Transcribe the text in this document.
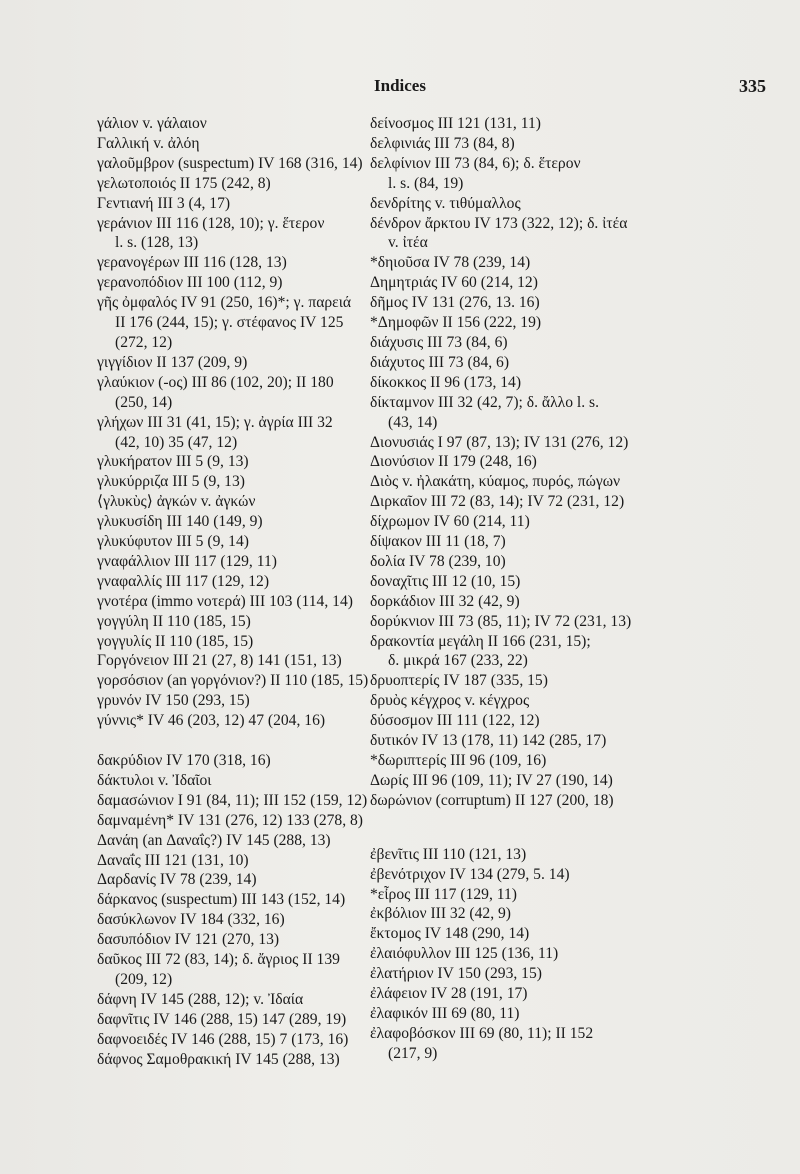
Indices	335
γάλιον v. γάλαιον
Γαλλική v. ἀλόη
γαλοῦμβρον (suspectum) IV 168 (316, 14)
γελωτοποιός II 175 (242, 8)
Γεντιανή III 3 (4, 17)
γεράνιον III 116 (128, 10); γ. ἕτερον
l. s. (128, 13)
γερανογέρων III 116 (128, 13)
γερανοπόδιον III 100 (112, 9)
γῆς ὀμφαλός IV 91 (250, 16)*; γ. παρειά
II 176 (244, 15); γ. στέφανος IV 125
(272, 12)
γιγγίδιον II 137 (209, 9)
γλαύκιον (-ος) III 86 (102, 20); II 180
(250, 14)
γλήχων III 31 (41, 15); γ. ἀγρία III 32
(42, 10) 35 (47, 12)
γλυκήρατον III 5 (9, 13)
γλυκύρριζα III 5 (9, 13)
⟨γλυκὺς⟩ ἀγκών v. ἀγκών
γλυκυσίδη III 140 (149, 9)
γλυκύφυτον III 5 (9, 14)
γναφάλλιον III 117 (129, 11)
γναφαλλίς III 117 (129, 12)
γνοτέρα (immo νοτερά) III 103 (114, 14)
γογγύλη II 110 (185, 15)
γογγυλίς II 110 (185, 15)
Γοργόνειον III 21 (27, 8) 141 (151, 13)
γορσόσιον (an γοργόνιον?) II 110 (185, 15)
γρυνόν IV 150 (293, 15)
γύννις* IV 46 (203, 12) 47 (204, 16)
δακρύδιον IV 170 (318, 16)
δάκτυλοι v. Ἰδαῖοι
δαμασώνιον I 91 (84, 11); III 152 (159, 12)
δαμναμένη* IV 131 (276, 12) 133 (278, 8)
Δανάη (an Δαναΐς?) IV 145 (288, 13)
Δαναΐς III 121 (131, 10)
Δαρδανίς IV 78 (239, 14)
δάρκανος (suspectum) III 143 (152, 14)
δασύκλωνον IV 184 (332, 16)
δασυπόδιον IV 121 (270, 13)
δαῦκος III 72 (83, 14); δ. ἄγριος II 139
(209, 12)
δάφνη IV 145 (288, 12); v. Ἰδαία
δαφνῖτις IV 146 (288, 15) 147 (289, 19)
δαφνοειδές IV 146 (288, 15) 7 (173, 16)
δάφνος Σαμοθρακική IV 145 (288, 13)
δείνοσμος III 121 (131, 11)
δελφινιάς III 73 (84, 8)
δελφίνιον III 73 (84, 6); δ. ἕτερον
l. s. (84, 19)
δενδρίτης v. τιθύμαλλος
δένδρον ἄρκτου IV 173 (322, 12); δ. ἰτέα
v. ἰτέα
*δηιοῦσα IV 78 (239, 14)
Δημητριάς IV 60 (214, 12)
δῆμος IV 131 (276, 13. 16)
*Δημοφῶν II 156 (222, 19)
διάχυσις III 73 (84, 6)
διάχυτος III 73 (84, 6)
δίκοκκος II 96 (173, 14)
δίκταμνον III 32 (42, 7); δ. ἄλλο l. s.
(43, 14)
Διονυσιάς I 97 (87, 13); IV 131 (276, 12)
Διονύσιον II 179 (248, 16)
Διὸς v. ἠλακάτη, κύαμος, πυρός, πώγων
Διρκαῖον III 72 (83, 14); IV 72 (231, 12)
δίχρωμον IV 60 (214, 11)
δίψακον III 11 (18, 7)
δολία IV 78 (239, 10)
δοναχῖτις III 12 (10, 15)
δορκάδιον III 32 (42, 9)
δορύκνιον III 73 (85, 11); IV 72 (231, 13)
δρακοντία μεγάλη II 166 (231, 15);
δ. μικρά 167 (233, 22)
δρυοπτερίς IV 187 (335, 15)
δρυὸς κέγχρος v. κέγχρος
δύσοσμον III 111 (122, 12)
δυτικόν IV 13 (178, 11) 142 (285, 17)
*δωριπτερίς III 96 (109, 16)
Δωρίς III 96 (109, 11); IV 27 (190, 14)
δωρώνιον (corruptum) II 127 (200, 18)
ἐβενῖτις III 110 (121, 13)
ἐβενότριχον IV 134 (279, 5. 14)
*εἶρος III 117 (129, 11)
ἐκβόλιον III 32 (42, 9)
ἔκτομος IV 148 (290, 14)
ἐλαιόφυλλον III 125 (136, 11)
ἐλατήριον IV 150 (293, 15)
ἐλάφειον IV 28 (191, 17)
ἐλαφικόν III 69 (80, 11)
ἐλαφοβόσκον III 69 (80, 11); II 152
(217, 9)
